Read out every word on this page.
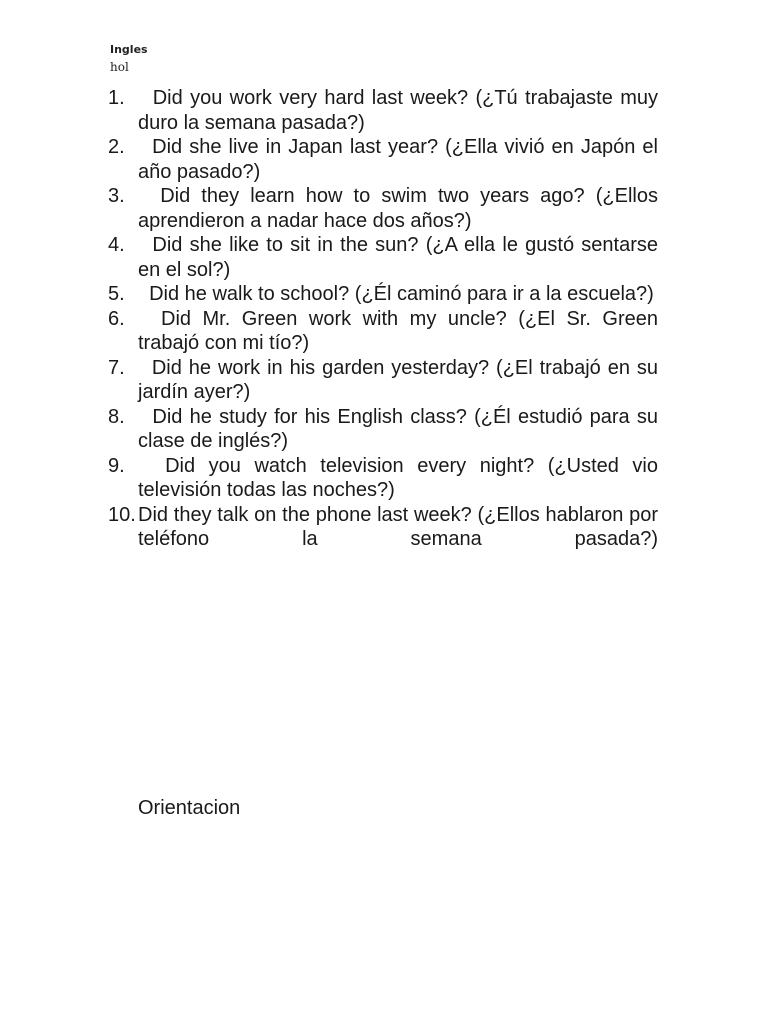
Ingles
hol
1. Did you work very hard last week? (¿Tú trabajaste muy duro la semana pasada?)
2. Did she live in Japan last year? (¿Ella vivió en Japón el año pasado?)
3. Did they learn how to swim two years ago? (¿Ellos aprendieron a nadar hace dos años?)
4. Did she like to sit in the sun? (¿A ella le gustó sentarse en el sol?)
5. Did he walk to school? (¿Él caminó para ir a la escuela?)
6. Did Mr. Green work with my uncle? (¿El Sr. Green trabajó con mi tío?)
7. Did he work in his garden yesterday? (¿El trabajó en su jardín ayer?)
8. Did he study for his English class? (¿Él estudió para su clase de inglés?)
9. Did you watch television every night? (¿Usted vio televisión todas las noches?)
10. Did they talk on the phone last week? (¿Ellos hablaron por teléfono la semana pasada?)
Orientacion
